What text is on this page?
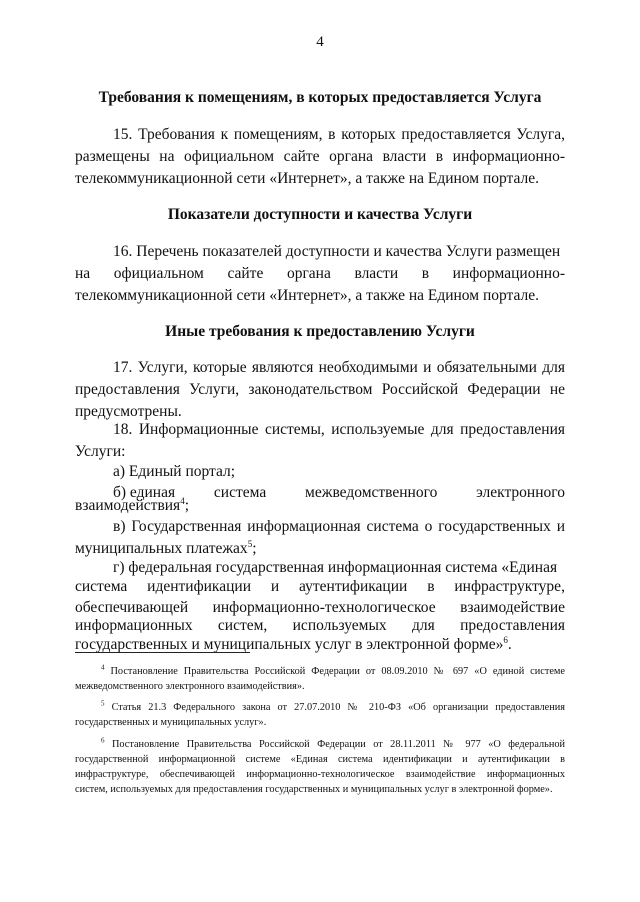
4
Требования к помещениям, в которых предоставляется Услуга

15. Требования к помещениям, в которых предоставляется Услуга, размещены на официальном сайте органа власти в информационно-телекоммуникационной сети «Интернет», а также на Едином портале.

Показатели доступности и качества Услуги
16. Перечень показателей доступности и качества Услуги размещен
на официальном сайте органа власти в информационно-
телекоммуникационной сети «Интернет», а также на Едином портале.
Иные требования к предоставлению Услуги

17. Услуги, которые являются необходимыми и обязательными для предоставления Услуги, законодательством Российской Федерации не предусмотрены.

18. Информационные системы, используемые для предоставления Услуги:

а) Единый портал;
б) единая	система	межведомственного	электронного
взаимодействия$^4$;

в) Государственная информационная система о государственных и муниципальных платежах$^5$;

г) федеральная государственная информационная система «Единая
система идентификации и аутентификации в инфраструктуре,
обеспечивающей информационно-технологическое взаимодействие
информационных систем, используемых для предоставления
государственных и муниципальных услуг в электронной форме»$^6$.

$^4$ Постановление Правительства Российской Федерации от 08.09.2010 № 697 «О единой системе межведомственного электронного взаимодействия».

$^5$ Статья 21.3 Федерального закона от 27.07.2010 № 210-ФЗ «Об организации предоставления государственных и муниципальных услуг».

$^6$ Постановление Правительства Российской Федерации от 28.11.2011 № 977 «О федеральной государственной информационной системе «Единая система идентификации и аутентификации в инфраструктуре, обеспечивающей информационно-технологическое взаимодействие информационных систем, используемых для предоставления государственных и муниципальных услуг в электронной форме».
